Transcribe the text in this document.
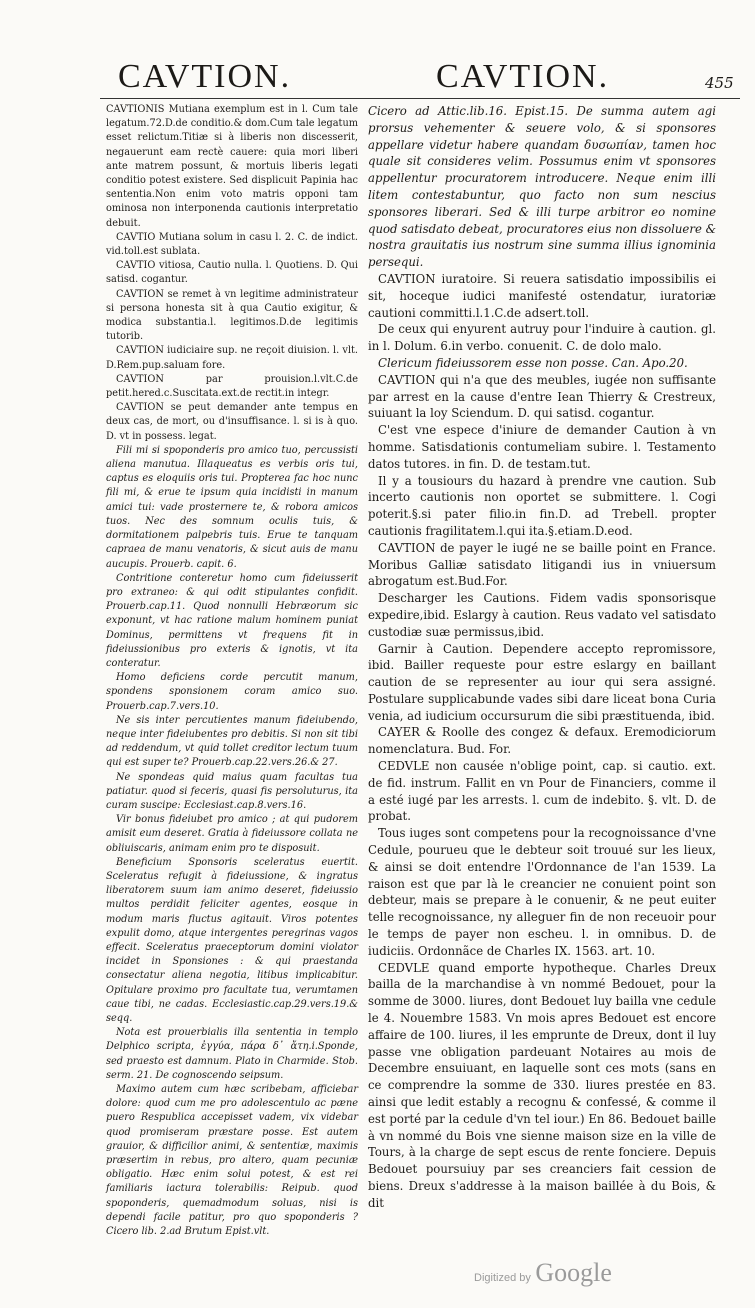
CAVTION.	CAVTION.	455

CAVTIONIS Mutiana exemplum est in l. Cum tale legatum.72.D.de conditio.& dom.Cum tale legatum esset relictum.Titiæ si à liberis non discesserit, negauerunt eam rectè cauere: quia mori liberi ante matrem possunt, & mortuis liberis legati conditio potest existere. Sed displicuit Papinia hac sententia.Non enim voto matris opponi tam ominosa non interponenda cautionis interpretatio debuit.

CAVTIO Mutiana solum in casu l. 2. C. de indict. vid.toll.est sublata.

CAVTIO vitiosa, Cautio nulla. l. Quotiens. D. Qui satisd. cogantur.

CAVTION se remet à vn legitime administrateur si persona honesta sit à qua Cautio exigitur, & modica substantia.l. legitimos.D.de legitimis tutorib.

CAVTION iudiciaire sup. ne reçoit diuision. l. vlt. D.Rem.pup.saluam fore.

CAVTION par prouision.l.vlt.C.de petit.hered.c.Suscitata.ext.de rectit.in integr.

CAVTION se peut demander ante tempus en deux cas, de mort, ou d'insuffisance. l. si is à quo. D. vt in possess. legat.

Fili mi si spoponderis pro amico tuo, percussisti aliena manutua. Illaqueatus es verbis oris tui, captus es eloquiis oris tui. Propterea fac hoc nunc fili mi, & erue te ipsum quia incidisti in manum amici tui: vade prosternere te, & robora amicos tuos. Nec des somnum oculis tuis, & dormitationem palpebris tuis. Erue te tanquam capraea de manu venatoris, & sicut auis de manu aucupis. Prouerb. capit. 6.

Contritione conteretur homo cum fideiusserit pro extraneo: & qui odit stipulantes confidit. Prouerb.cap.11. Quod nonnulli Hebræorum sic exponunt, vt hac ratione malum hominem puniat Dominus, permittens vt frequens fit in fideiussionibus pro exteris & ignotis, vt ita conteratur.

Homo deficiens corde percutit manum, spondens sponsionem coram amico suo. Prouerb.cap.7.vers.10.

Ne sis inter percutientes manum fideiubendo, neque inter fideiubentes pro debitis. Si non sit tibi ad reddendum, vt quid tollet creditor lectum tuum qui est super te? Prouerb.cap.22.vers.26.& 27.

Ne spondeas quid maius quam facultas tua patiatur. quod si feceris, quasi fis persoluturus, ita curam suscipe: Ecclesiast.cap.8.vers.16.

Vir bonus fideiubet pro amico ; at qui pudorem amisit eum deseret. Gratia à fideiussore collata ne obliuiscaris, animam enim pro te disposuit.

Beneficium Sponsoris sceleratus euertit. Sceleratus refugit à fideiussione, & ingratus liberatorem suum iam animo deseret, fideiussio multos perdidit feliciter agentes, eosque in modum maris fluctus agitauit. Viros potentes expulit domo, atque intergentes peregrinas vagos effecit. Sceleratus praeceptorum domini violator incidet in Sponsiones : & qui praestanda consectatur aliena negotia, litibus implicabitur. Opitulare proximo pro facultate tua, verumtamen caue tibi, ne cadas. Ecclesiastic.cap.29.vers.19.& seqq.

Nota est prouerbialis illa sententia in templo Delphico scripta, ἐγγύα, πάρα δ᾽ ἄτη.i.Sponde, sed praesto est damnum. Plato in Charmide. Stob. serm. 21. De cognoscendo seipsum.

Maximo autem cum hæc scribebam, afficiebar dolore: quod cum me pro adolescentulo ac pæne puero Respublica accepisset vadem, vix videbar quod promiseram præstare posse. Est autem grauior, & difficilior animi, & sententiæ, maximis præsertim in rebus, pro altero, quam pecuniæ obligatio. Hæc enim solui potest, & est rei familiaris iactura tolerabilis: Reipub. quod spoponderis, quemadmodum soluas, nisi is dependi facile patitur, pro quo spoponderis ? Cicero lib. 2.ad Brutum Epist.vlt.

Cicero ad Attic.lib.16. Epist.15. De summa autem agi prorsus vehementer & seuere volo, & si sponsores appellare videtur habere quandam δυσωπίαν, tamen hoc quale sit consideres velim. Possumus enim vt sponsores appellentur procuratorem introducere. Neque enim illi litem contestabuntur, quo facto non sum nescius sponsores liberari. Sed & illi turpe arbitror eo nomine quod satisdato debeat, procuratores eius non dissoluere & nostra grauitatis ius nostrum sine summa illius ignominia persequi.

CAVTION iuratoire. Si reuera satisdatio impossibilis ei sit, hoceque iudici manifesté ostendatur, iuratoriæ cautioni committi.l.1.C.de adsert.toll.

De ceux qui enyurent autruy pour l'induire à caution. gl. in l. Dolum. 6.in verbo. conuenit. C. de dolo malo.

Clericum fideiussorem esse non posse. Can. Apo.20.

CAVTION qui n'a que des meubles, iugée non suffisante par arrest en la cause d'entre Iean Thierry & Crestreux, suiuant la loy Sciendum. D. qui satisd. cogantur.

C'est vne espece d'iniure de demander Caution à vn homme. Satisdationis contumeliam subire. l. Testamento datos tutores. in fin. D. de testam.tut.

Il y a tousiours du hazard à prendre vne caution. Sub incerto cautionis non oportet se submittere. l. Cogi poterit.§.si pater filio.in fin.D. ad Trebell. propter cautionis fragilitatem.l.qui ita.§.etiam.D.eod.

CAVTION de payer le iugé ne se baille point en France. Moribus Galliæ satisdato litigandi ius in vniuersum abrogatum est.Bud.For.

Descharger les Cautions. Fidem vadis sponsorisque expedire,ibid. Eslargy à caution. Reus vadato vel satisdato custodiæ suæ permissus,ibid.

Garnir à Caution. Dependere accepto repromissore, ibid. Bailler requeste pour estre eslargy en baillant caution de se representer au iour qui sera assigné. Postulare supplicabunde vades sibi dare liceat bona Curia venia, ad iudicium occursurum die sibi præstituenda, ibid.

CAYER & Roolle des congez & defaux. Eremodiciorum nomenclatura. Bud. For.

CEDVLE non causée n'oblige point, cap. si cautio. ext. de fid. instrum. Fallit en vn Pour de Financiers, comme il a esté iugé par les arrests. l. cum de indebito. §. vlt. D. de probat.

Tous iuges sont competens pour la recognoissance d'vne Cedule, pourueu que le debteur soit trouué sur les lieux, & ainsi se doit entendre l'Ordonnance de l'an 1539. La raison est que par là le creancier ne conuient point son debteur, mais se prepare à le conuenir, & ne peut euiter telle recognoissance, ny alleguer fin de non receuoir pour le temps de payer non escheu. l. in omnibus. D. de iudiciis. Ordonnãce de Charles IX. 1563. art. 10.

CEDVLE quand emporte hypotheque. Charles Dreux bailla de la marchandise à vn nommé Bedouet, pour la somme de 3000. liures, dont Bedouet luy bailla vne cedule le 4. Nouembre 1583. Vn mois apres Bedouet est encore affaire de 100. liures, il les emprunte de Dreux, dont il luy passe vne obligation pardeuant Notaires au mois de Decembre ensuiuant, en laquelle sont ces mots (sans en ce comprendre la somme de 330. liures prestée en 83. ainsi que ledit estably a recognu & confessé, & comme il est porté par la cedule d'vn tel iour.) En 86. Bedouet baille à vn nommé du Bois vne sienne maison size en la ville de Tours, à la charge de sept escus de rente fonciere. Depuis Bedouet poursuiuy par ses creanciers fait cession de biens. Dreux s'addresse à la maison baillée à du Bois, & dit

Digitized by Google
